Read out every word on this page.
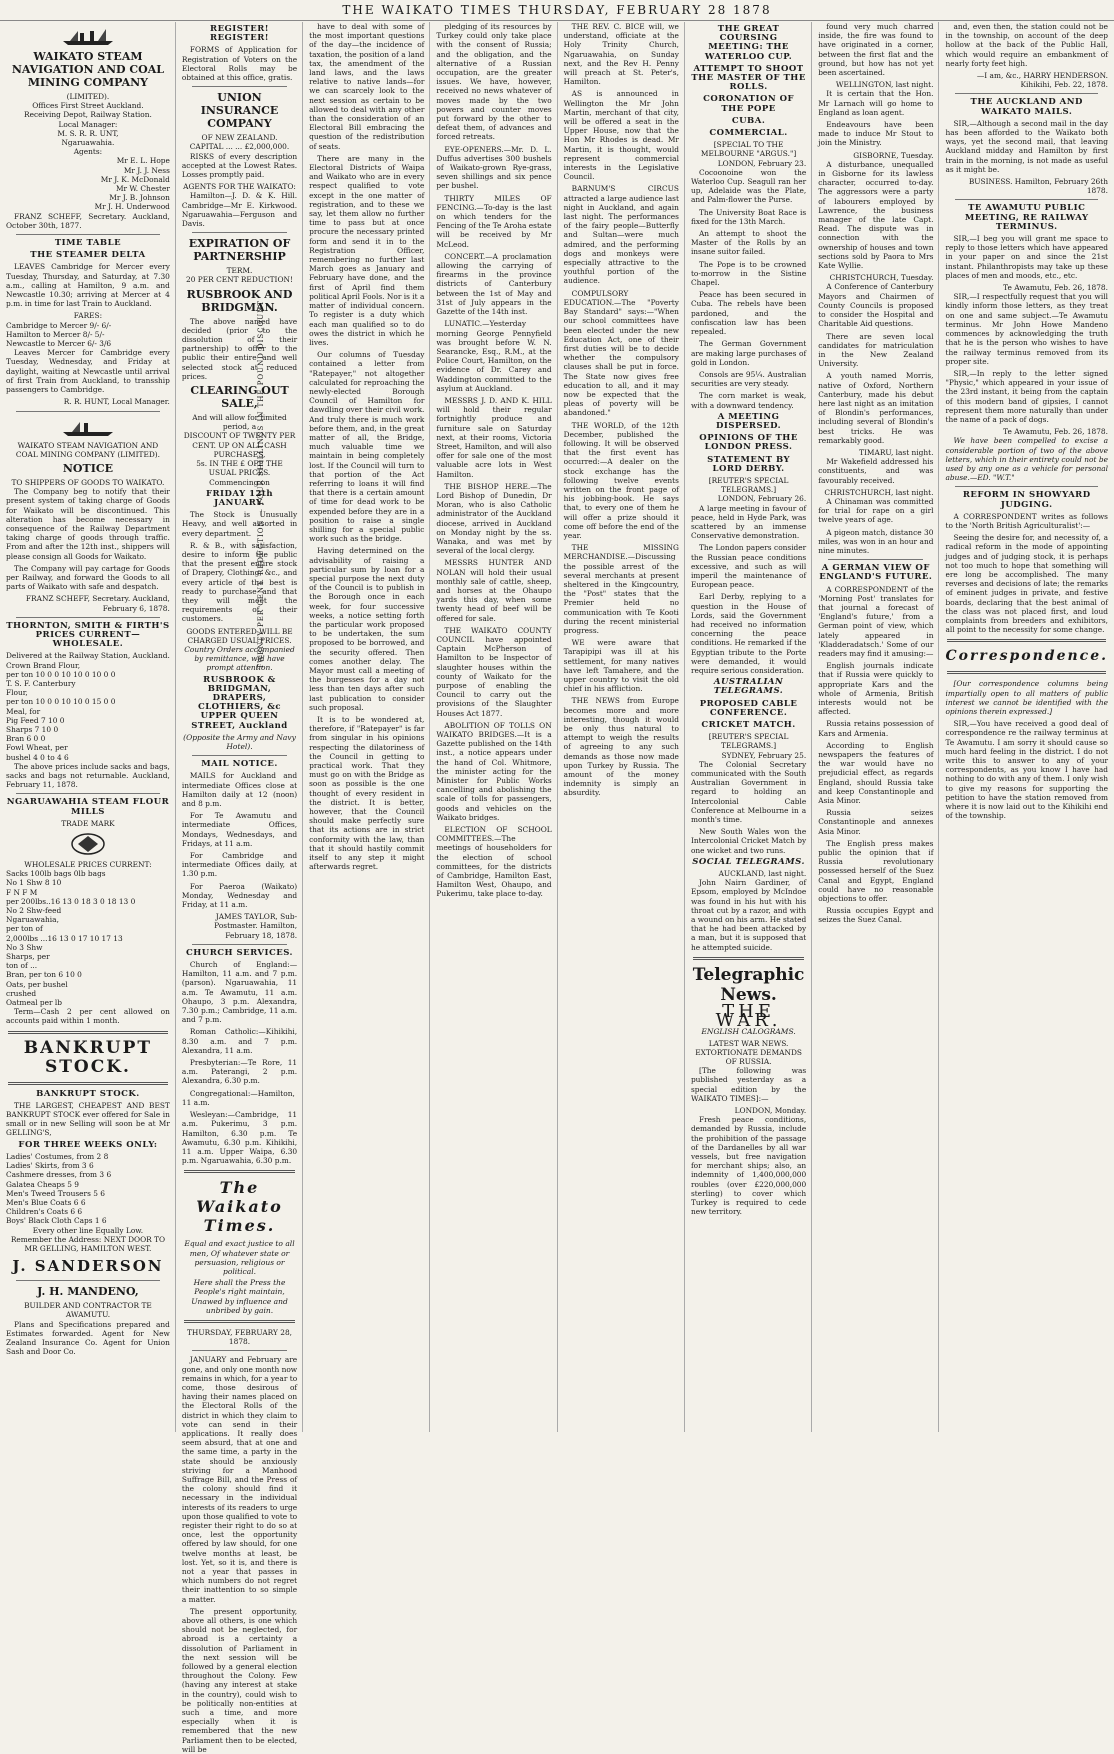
THE WAIKATO TIMES THURSDAY, FEBRUARY 28 1878
TWENTY PER CENT. REDUCTION — FOUR SHILLINGS IN THE POUND DISCOUNT
WAIKATO STEAM NAVIGATION AND COAL MINING COMPANY
(LIMITED).
Offices First Street Auckland.
Receiving Depot, Railway Station.
Local Manager:
M. S. R. R. UNT,
Ngaruawahia.
Agents:
Mr E. L. Hope
Mr J. J. Ness
Mr J. K. McDonald
Mr W. Chester
Mr J. B. Johnson
Mr J. H. Underwood
FRANZ SCHEFF, Secretary. Auckland, October 30th, 1877.
TIME TABLE
THE STEAMER DELTA
LEAVES Cambridge for Mercer every Tuesday, Thursday, and Saturday, at 7.30 a.m., calling at Hamilton, 9 a.m. and Newcastle 10.30; arriving at Mercer at 4 p.m. in time for last Train to Auckland.
FARES:
Cambridge to Mercer 9/- 6/-
Hamilton to Mercer 8/- 5/-
Newcastle to Mercer 6/- 3/6
Leaves Mercer for Cambridge every Tuesday, Wednesday, and Friday at daylight, waiting at Newcastle until arrival of first Train from Auckland, to transship passengers to Cambridge.
R. R. HUNT, Local Manager.
WAIKATO STEAM NAVIGATION AND COAL MINING COMPANY (LIMITED).
NOTICE
TO SHIPPERS OF GOODS TO WAIKATO.
The Company beg to notify that their present system of taking charge of Goods for Waikato will be discontinued. This alteration has become necessary in consequence of the Railway Department taking charge of goods through traffic. From and after the 12th inst., shippers will please consign all Goods for Waikato.
The Company will pay cartage for Goods per Railway, and forward the Goods to all parts of Waikato with safe and despatch.
FRANZ SCHEFF, Secretary. Auckland, February 6, 1878.
THORNTON, SMITH & FIRTH'S PRICES CURRENT—WHOLESALE.
Delivered at the Railway Station, Auckland.
Crown Brand Flour,
per ton 10 0 0 10 10 0 10 0 0
T. S. F. Canterbury
Flour,
per ton 10 0 0 10 10 0 15 0 0
Meal, for
Pig Feed 7 10 0
Sharps 7 10 0
Bran 6 0 0
Fowl Wheat, per
bushel 4 0 to 4 6
The above prices include sacks and bags, sacks and bags not returnable. Auckland, February 11, 1878.
NGARUAWAHIA STEAM FLOUR MILLS
TRADE MARK
WHOLESALE PRICES CURRENT:
Sacks 100lb bags 0lb bags
No 1 Shw 8 10
F N F M
per 200lbs..16 13 0 18 3 0 18 13 0
No 2 Shw-feed
Ngaruawahia,
per ton of
2,000lbs ...16 13 0 17 10 17 13
No 3 Shw
Sharps, per
ton of ...
Bran, per ton 6 10 0
Oats, per bushel
crushed
Oatmeal per lb
Term—Cash 2 per cent allowed on accounts paid within 1 month.
BANKRUPT STOCK.
BANKRUPT STOCK.
THE LARGEST, CHEAPEST AND BEST BANKRUPT STOCK ever offered for Sale in small or in new Selling will soon be at Mr GELLING'S,
FOR THREE WEEKS ONLY:
Ladies' Costumes, from 2 8
Ladies' Skirts, from 3 6
Cashmere dresses, from 3 6
Galatea Cheaps 5 9
Men's Tweed Trousers 5 6
Men's Blue Coats 6 6
Children's Coats 6 6
Boys' Black Cloth Caps 1 6
Every other line Equally Low.
Remember the Address: NEXT DOOR TO MR GELLING, HAMILTON WEST.
J. SANDERSON
J. H. MANDENO,
BUILDER AND CONTRACTOR TE AWAMUTU.
Plans and Specifications prepared and Estimates forwarded. Agent for New Zealand Insurance Co. Agent for Union Sash and Door Co.
REGISTER! REGISTER!
FORMS of Application for Registration of Voters on the Electoral Rolls may be obtained at this office, gratis.
UNION INSURANCE COMPANY
OF NEW ZEALAND.
CAPITAL ... ... £2,000,000.
RISKS of every description accepted at the Lowest Rates. Losses promptly paid.
AGENTS FOR THE WAIKATO:
Hamilton—J. D. & K. Hill. Cambridge—Mr E. Kirkwood. Ngaruawahia—Ferguson and Davis.
EXPIRATION OF PARTNERSHIP
TERM.
20 PER CENT REDUCTION!
RUSBROOK AND BRIDGMAN.
The above named have decided (prior to the dissolution of their partnership) to offer to the public their entire and well selected stock at reduced prices.
CLEARING OUT SALE,
And will allow for limited
period, a
DISCOUNT OF TWENTY PER CENT. UP ON ALL CASH PURCHASES,
5s. IN THE £ OFF THE USUAL PRICES.
Commencing on
FRIDAY 12th JANUARY.
The Stock is Unusually Heavy, and well assorted in every department.
R. & B., with satisfaction, desire to inform the public that the present entire stock of Drapery, Clothing, &c., and every article of the best is ready to purchase and that they will meet the requirements of their customers.
GOODS ENTERED WILL BE CHARGED USUAL PRICES.
Country Orders accompanied by remittance, will have prompt attention.
RUSBROOK & BRIDGMAN, DRAPERS, CLOTHIERS, &c UPPER QUEEN STREET, Auckland
(Opposite the Army and Navy Hotel).
MAIL NOTICE.
MAILS for Auckland and intermediate Offices close at Hamilton daily at 12 (noon) and 8 p.m.
For Te Awamutu and intermediate Offices, Mondays, Wednesdays, and Fridays, at 11 a.m.
For Cambridge and intermediate Offices daily, at 1.30 p.m.
For Paeroa (Waikato) Monday, Wednesday and Friday, at 11 a.m.
JAMES TAYLOR, Sub-Postmaster. Hamilton, February 18, 1878.
CHURCH SERVICES.
Church of England:—Hamilton, 11 a.m. and 7 p.m. (parson). Ngaruawahia, 11 a.m. Te Awamutu, 11 a.m. Ohaupo, 3 p.m. Alexandra, 7.30 p.m.; Cambridge, 11 a.m. and 7 p.m.
Roman Catholic:—Kihikihi, 8.30 a.m. and 7 p.m. Alexandra, 11 a.m.
Presbyterian:—Te Rore, 11 a.m. Paterangi, 2 p.m. Alexandra, 6.30 p.m.
Congregational:—Hamilton, 11 a.m.
Wesleyan:—Cambridge, 11 a.m. Pukerimu, 3 p.m. Hamilton, 6.30 p.m. Te Awamutu, 6.30 p.m. Kihikihi, 11 a.m. Upper Waipa, 6.30 p.m. Ngaruawahia, 6.30 p.m.
The Waikato Times.
Equal and exact justice to all men, Of whatever state or persuasion, religious or political.
Here shall the Press the People's right maintain, Unawed by influence and unbribed by gain.
THURSDAY, FEBRUARY 28, 1878.
JANUARY and February are gone, and only one month now remains in which, for a year to come, those desirous of having their names placed on the Electoral Rolls of the district in which they claim to vote can send in their applications. It really does seem absurd, that at one and the same time, a party in the state should be anxiously striving for a Manhood Suffrage Bill, and the Press of the colony should find it necessary in the individual interests of its readers to urge upon those qualified to vote to register their right to do so at once, lest the opportunity offered by law should, for one twelve months at least, be lost. Yet, so it is, and there is not a year that passes in which numbers do not regret their inattention to so simple a matter.
The present opportunity, above all others, is one which should not be neglected, for abroad is a certainty a dissolution of Parliament in the next session will be followed by a general election throughout the Colony. Few (having any interest at stake in the country), could wish to be politically non-entities at such a time, and more especially when it is remembered that the new Parliament then to be elected, will be
have to deal with some of the most important questions of the day—the incidence of taxation, the position of a land tax, the amendment of the land laws, and the laws relative to native lands—for we can scarcely look to the next session as certain to be allowed to deal with any other than the consideration of an Electoral Bill embracing the question of the redistribution of seats.
There are many in the Electoral Districts of Waipa and Waikato who are in every respect qualified to vote except in the one matter of registration, and to these we say, let them allow no further time to pass but at once procure the necessary printed form and send it in to the Registration Officer, remembering no further last March goes as January and February have done, and the first of April find them political April Fools. Nor is it a matter of individual concern. To register is a duty which each man qualified so to do owes the district in which he lives.
Our columns of Tuesday contained a letter from "Ratepayer," not altogether calculated for reproaching the newly-elected Borough Council of Hamilton for dawdling over their civil work. And truly there is much work before them, and, in the great matter of all, the Bridge, much valuable time we maintain in being completely lost. If the Council will turn to that portion of the Act referring to loans it will find that there is a certain amount of time for dead work to be expended before they are in a position to raise a single shilling for a special public work such as the bridge.
Having determined on the advisability of raising a particular sum by loan for a special purpose the next duty of the Council is to publish in the Borough once in each week, for four successive weeks, a notice setting forth the particular work proposed to be undertaken, the sum proposed to be borrowed, and the security offered. Then comes another delay. The Mayor must call a meeting of the burgesses for a day not less than ten days after such last publication to consider such proposal.
It is to be wondered at, therefore, if "Ratepayer" is far from singular in his opinions respecting the dilatoriness of the Council in getting to practical work. That they must go on with the Bridge as soon as possible is the one thought of every resident in the district. It is better, however, that the Council should make perfectly sure that its actions are in strict conformity with the law, than that it should hastily commit itself to any step it might afterwards regret.
pledging of its resources by Turkey could only take place with the consent of Russia; and the obligation, and the alternative of a Russian occupation, are the greater issues. We have, however, received no news whatever of moves made by the two powers and counter moves put forward by the other to defeat them, of advances and forced retreats.
EYE-OPENERS.—Mr. D. L. Duffus advertises 300 bushels of Waikato-grown Rye-grass, seven shillings and six pence per bushel.
THIRTY MILES OF FENCING.—To-day is the last on which tenders for the Fencing of the Te Aroha estate will be received by Mr McLeod.
CONCERT.—A proclamation allowing the carrying of firearms in the province districts of Canterbury between the 1st of May and 31st of July appears in the Gazette of the 14th inst.
LUNATIC.—Yesterday morning George Pennyfield was brought before W. N. Searancke, Esq., R.M., at the Police Court, Hamilton, on the evidence of Dr. Carey and Waddington committed to the asylum at Auckland.
MESSRS J. D. AND K. HILL will hold their regular fortnightly produce and furniture sale on Saturday next, at their rooms, Victoria Street, Hamilton, and will also offer for sale one of the most valuable acre lots in West Hamilton.
THE BISHOP HERE.—The Lord Bishop of Dunedin, Dr Moran, who is also Catholic administrator of the Auckland diocese, arrived in Auckland on Monday night by the ss. Wanaka, and was met by several of the local clergy.
MESSRS HUNTER AND NOLAN will hold their usual monthly sale of cattle, sheep, and horses at the Ohaupo yards this day, when some twenty head of beef will be offered for sale.
THE WAIKATO COUNTY COUNCIL have appointed Captain McPherson of Hamilton to be Inspector of slaughter houses within the county of Waikato for the purpose of enabling the Council to carry out the provisions of the Slaughter Houses Act 1877.
ABOLITION OF TOLLS ON WAIKATO BRIDGES.—It is a Gazette published on the 14th inst., a notice appears under the hand of Col. Whitmore, the minister acting for the Minister for Public Works cancelling and abolishing the scale of tolls for passengers, goods and vehicles on the Waikato bridges.
ELECTION OF SCHOOL COMMITTEES.—The meetings of householders for the election of school committees, for the districts of Cambridge, Hamilton East, Hamilton West, Ohaupo, and Pukerimu, take place to-day.
THE REV. C. BICE will, we understand, officiate at the Holy Trinity Church, Ngaruawahia, on Sunday next, and the Rev H. Penny will preach at St. Peter's, Hamilton.
AS is announced in Wellington the Mr John Martin, merchant of that city, will be offered a seat in the Upper House, now that the Hon Mr Rhodes is dead. Mr Martin, it is thought, would represent commercial interests in the Legislative Council.
BARNUM'S CIRCUS attracted a large audience last night in Auckland, and again last night. The performances of the fairy people—Butterfly and Sultan—were much admired, and the performing dogs and monkeys were especially attractive to the youthful portion of the audience.
COMPULSORY EDUCATION.—The "Poverty Bay Standard" says:—"When our school committees have been elected under the new Education Act, one of their first duties will be to decide whether the compulsory clauses shall be put in force. The State now gives free education to all, and it may now be expected that the pleas of poverty will be abandoned."
THE WORLD, of the 12th December, published the following. It will be observed that the first event has occurred:—A dealer on the stock exchange has the following twelve events written on the front page of his jobbing-book. He says that, to every one of them he will offer a prize should it come off before the end of the year.
THE MISSING MERCHANDISE.—Discussing the possible arrest of the several merchants at present sheltered in the Kingcountry, the "Post" states that the Premier held no communication with Te Kooti during the recent ministerial progress.
WE were aware that Tarapipipi was ill at his settlement, for many natives have left Tamahere, and the upper country to visit the old chief in his affliction.
THE NEWS from Europe becomes more and more interesting, though it would be only thus natural to attempt to weigh the results of agreeing to any such demands as those now made upon Turkey by Russia. The amount of the money indemnity is simply an absurdity.
THE GREAT COURSING MEETING: THE WATERLOO CUP.
ATTEMPT TO SHOOT THE MASTER OF THE ROLLS.
CORONATION OF THE POPE
CUBA.
COMMERCIAL.
[SPECIAL TO THE MELBOURNE "ARGUS."]
LONDON, February 23.
Cocoonoine won the Waterloo Cup. Seagull ran her up, Adelaide was the Plate, and Palm-flower the Purse.
The University Boat Race is fixed for the 13th March.
An attempt to shoot the Master of the Rolls by an insane suitor failed.
The Pope is to be crowned to-morrow in the Sistine Chapel.
Peace has been secured in Cuba. The rebels have been pardoned, and the confiscation law has been repealed.
The German Government are making large purchases of gold in London.
Consols are 95¼. Australian securities are very steady.
The corn market is weak, with a downward tendency.
A MEETING DISPERSED.
OPINIONS OF THE LONDON PRESS.
STATEMENT BY LORD DERBY.
[REUTER'S SPECIAL TELEGRAMS.]
LONDON, February 26.
A large meeting in favour of peace, held in Hyde Park, was scattered by an immense Conservative demonstration.
The London papers consider the Russian peace conditions excessive, and such as will imperil the maintenance of European peace.
Earl Derby, replying to a question in the House of Lords, said the Government had received no information concerning the peace conditions. He remarked if the Egyptian tribute to the Porte were demanded, it would require serious consideration.
AUSTRALIAN TELEGRAMS.
PROPOSED CABLE CONFERENCE.
CRICKET MATCH.
[REUTER'S SPECIAL TELEGRAMS.]
SYDNEY, February 25.
The Colonial Secretary communicated with the South Australian Government in regard to holding an Intercolonial Cable Conference at Melbourne in a month's time.
New South Wales won the Intercolonial Cricket Match by one wicket and two runs.
SOCIAL TELEGRAMS.
AUCKLAND, last night.
John Nairn Gardiner, of Epsom, employed by McIndoe was found in his hut with his throat cut by a razor, and with a wound on his arm. He stated that he had been attacked by a man, but it is supposed that he attempted suicide.
Telegraphic News.
THE WAR.
ENGLISH CALOGRAMS.
LATEST WAR NEWS.
EXTORTIONATE DEMANDS OF RUSSIA.
[The following was published yesterday as a special edition by the WAIKATO TIMES]:—
LONDON, Monday.
Fresh peace conditions, demanded by Russia, include the prohibition of the passage of the Dardanelles by all war vessels, but free navigation for merchant ships; also, an indemnity of 1,400,000,000 roubles (over £220,000,000 sterling) to cover which Turkey is required to cede new territory.
found very much charred inside, the fire was found to have originated in a corner, between the first flat and the ground, but how has not yet been ascertained.
WELLINGTON, last night.
It is certain that the Hon. Mr Larnach will go home to England as loan agent.
Endeavours have been made to induce Mr Stout to join the Ministry.
GISBORNE, Tuesday.
A disturbance, unequalled in Gisborne for its lawless character, occurred to-day. The aggressors were a party of labourers employed by Lawrence, the business manager of the late Capt. Read. The dispute was in connection with the ownership of houses and town sections sold by Paora to Mrs Kate Wyllie.
CHRISTCHURCH, Tuesday.
A Conference of Canterbury Mayors and Chairmen of County Councils is proposed to consider the Hospital and Charitable Aid questions.
There are seven local candidates for matriculation in the New Zealand University.
A youth named Morris, native of Oxford, Northern Canterbury, made his debut here last night as an imitation of Blondin's performances, including several of Blondin's best tricks. He was remarkably good.
TIMARU, last night.
Mr Wakefield addressed his constituents, and was favourably received.
CHRISTCHURCH, last night.
A Chinaman was committed for trial for rape on a girl twelve years of age.
A pigeon match, distance 30 miles, was won in an hour and nine minutes.
A GERMAN VIEW OF ENGLAND'S FUTURE.
A CORRESPONDENT of the 'Morning Post' translates for that journal a forecast of 'England's future,' from a German point of view, which lately appeared in 'Kladderadatsch.' Some of our readers may find it amusing:—
English journals indicate that if Russia were quickly to appropriate Kars and the whole of Armenia, British interests would not be affected.
Russia retains possession of Kars and Armenia.
According to English newspapers the features of the war would have no prejudicial effect, as regards England, should Russia take and keep Constantinople and Asia Minor.
Russia seizes Constantinople and annexes Asia Minor.
The English press makes public the opinion that if Russia revolutionary possessed herself of the Suez Canal and Egypt, England could have no reasonable objections to offer.
Russia occupies Egypt and seizes the Suez Canal.
and, even then, the station could not be in the township, on account of the deep hollow at the back of the Public Hall, which would require an embankment of nearly forty feet high.
—I am, &c., HARRY HENDERSON. Kihikihi, Feb. 22, 1878.
THE AUCKLAND AND WAIKATO MAILS.
SIR,—Although a second mail in the day has been afforded to the Waikato both ways, yet the second mail, that leaving Auckland midday and Hamilton by first train in the morning, is not made as useful as it might be.
BUSINESS. Hamilton, February 26th 1878.
TE AWAMUTU PUBLIC MEETING, RE RAILWAY TERMINUS.
SIR,—I beg you will grant me space to reply to those letters which have appeared in your paper on and since the 21st instant. Philanthropists may take up these places of men and moods, etc., etc.
Te Awamutu, Feb. 26, 1878.
SIR,—I respectfully request that you will kindly inform those letters, as they treat on one and same subject.—Te Awamutu terminus. Mr John Howe Mandeno commences by acknowledging the truth that he is the person who wishes to have the railway terminus removed from its proper site.
SIR,—In reply to the letter signed "Physic," which appeared in your issue of the 23rd instant, it being from the captain of this modern band of gipsies, I cannot represent them more naturally than under the name of a pack of dogs.
Te Awamutu, Feb. 26, 1878.
We have been compelled to excise a considerable portion of two of the above letters, which in their entirety could not be used by any one as a vehicle for personal abuse.—ED. "W.T."
REFORM IN SHOWYARD JUDGING.
A CORRESPONDENT writes as follows to the 'North British Agriculturalist':—
Seeing the desire for, and necessity of, a radical reform in the mode of appointing judges and of judging stock, it is perhaps not too much to hope that something will ere long be accomplished. The many reverses and decisions of late; the remarks of eminent judges in private, and festive boards, declaring that the best animal of the class was not placed first, and loud complaints from breeders and exhibitors, all point to the necessity for some change.
Correspondence.
[Our correspondence columns being impartially open to all matters of public interest we cannot be identified with the opinions therein expressed.]
SIR,—You have received a good deal of correspondence re the railway terminus at Te Awamutu. I am sorry it should cause so much hard feeling in the district. I do not write this to answer to any of your correspondents, as you know I have had nothing to do with any of them. I only wish to give my reasons for supporting the petition to have the station removed from where it is now laid out to the Kihikihi end of the township.
